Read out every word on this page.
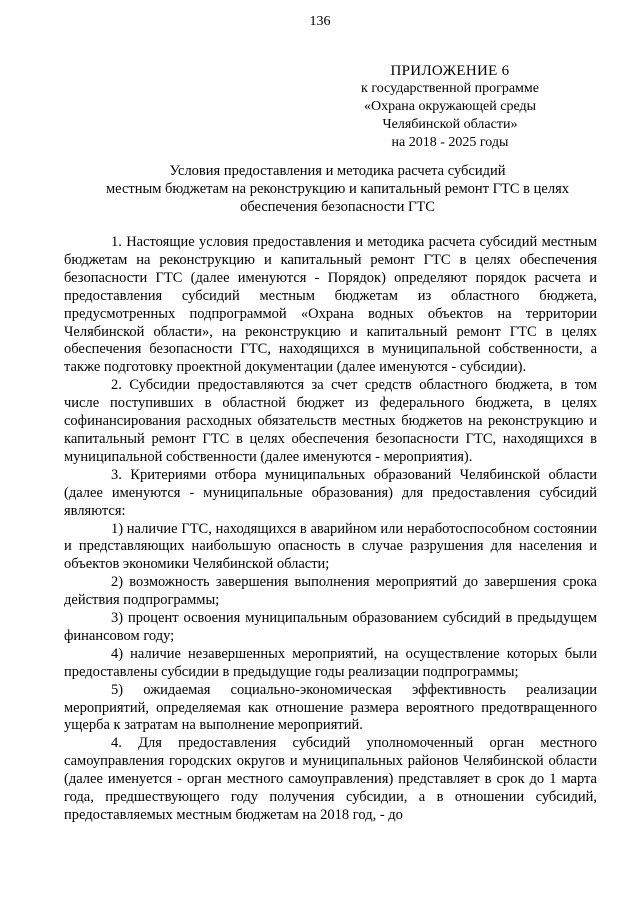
136
ПРИЛОЖЕНИЕ 6
к государственной программе
«Охрана окружающей среды
Челябинской области»
на 2018 - 2025 годы
Условия предоставления и методика расчета субсидий
местным бюджетам на реконструкцию и капитальный ремонт ГТС в целях
обеспечения безопасности ГТС

1. Настоящие условия предоставления и методика расчета субсидий местным бюджетам на реконструкцию и капитальный ремонт ГТС в целях обеспечения безопасности ГТС (далее именуются - Порядок) определяют порядок расчета и предоставления субсидий местным бюджетам из областного бюджета, предусмотренных подпрограммой «Охрана водных объектов на территории Челябинской области», на реконструкцию и капитальный ремонт ГТС в целях обеспечения безопасности ГТС, находящихся в муниципальной собственности, а также подготовку проектной документации (далее именуются - субсидии).

2. Субсидии предоставляются за счет средств областного бюджета, в том числе поступивших в областной бюджет из федерального бюджета, в целях софинансирования расходных обязательств местных бюджетов на реконструкцию и капитальный ремонт ГТС в целях обеспечения безопасности ГТС, находящихся в муниципальной собственности (далее именуются - мероприятия).

3. Критериями отбора муниципальных образований Челябинской области (далее именуются - муниципальные образования) для предоставления субсидий являются:

1) наличие ГТС, находящихся в аварийном или неработоспособном состоянии и представляющих наибольшую опасность в случае разрушения для населения и объектов экономики Челябинской области;

2) возможность завершения выполнения мероприятий до завершения срока действия подпрограммы;

3) процент освоения муниципальным образованием субсидий в предыдущем финансовом году;

4) наличие незавершенных мероприятий, на осуществление которых были предоставлены субсидии в предыдущие годы реализации подпрограммы;

5) ожидаемая социально-экономическая эффективность реализации мероприятий, определяемая как отношение размера вероятного предотвращенного ущерба к затратам на выполнение мероприятий.

4. Для предоставления субсидий уполномоченный орган местного самоуправления городских округов и муниципальных районов Челябинской области (далее именуется - орган местного самоуправления) представляет в срок до 1 марта года, предшествующего году получения субсидии, а в отношении субсидий, предоставляемых местным бюджетам на 2018 год, - до
